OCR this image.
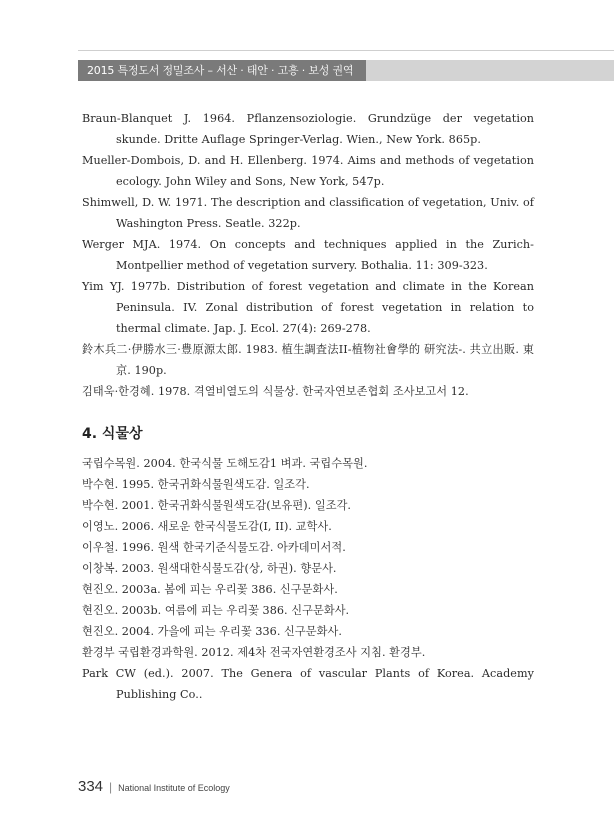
2015 특정도서 정밀조사 – 서산 · 태안 · 고흥 · 보성 권역
Braun-Blanquet J. 1964. Pflanzensoziologie. Grundzüge der vegetation skunde. Dritte Auflage Springer-Verlag. Wien., New York. 865p.
Mueller-Dombois, D. and H. Ellenberg. 1974. Aims and methods of vegetation ecology. John Wiley and Sons, New York, 547p.
Shimwell, D. W. 1971. The description and classification of vegetation, Univ. of Washington Press. Seatle. 322p.
Werger MJA. 1974. On concepts and techniques applied in the Zurich-Montpellier method of vegetation survery. Bothalia. 11: 309-323.
Yim YJ. 1977b. Distribution of forest vegetation and climate in the Korean Peninsula. IV. Zonal distribution of forest vegetation in relation to thermal climate. Jap. J. Ecol. 27(4): 269-278.
鈴木兵二·伊勝水三·豊原源太郎. 1983. 植生調査法II-植物社會學的 研究法-. 共立出販. 東京. 190p.
김태욱·한경혜. 1978. 격열비열도의 식물상. 한국자연보존협회 조사보고서 12.
4. 식물상
국립수목원. 2004. 한국식물 도해도감1 벼과. 국립수목원.
박수현. 1995. 한국귀화식물원색도감. 일조각.
박수현. 2001. 한국귀화식물원색도감(보유편). 일조각.
이영노. 2006. 새로운 한국식물도감(I, II). 교학사.
이우철. 1996. 원색 한국기준식물도감. 아카데미서적.
이창복. 2003. 원색대한식물도감(상, 하권). 향문사.
현진오. 2003a. 봄에 피는 우리꽃 386. 신구문화사.
현진오. 2003b. 여름에 피는 우리꽃 386. 신구문화사.
현진오. 2004. 가을에 피는 우리꽃 336. 신구문화사.
환경부 국립환경과학원. 2012. 제4차 전국자연환경조사 지침. 환경부.
Park CW (ed.). 2007. The Genera of vascular Plants of Korea. Academy Publishing Co..
334 | National Institute of Ecology
